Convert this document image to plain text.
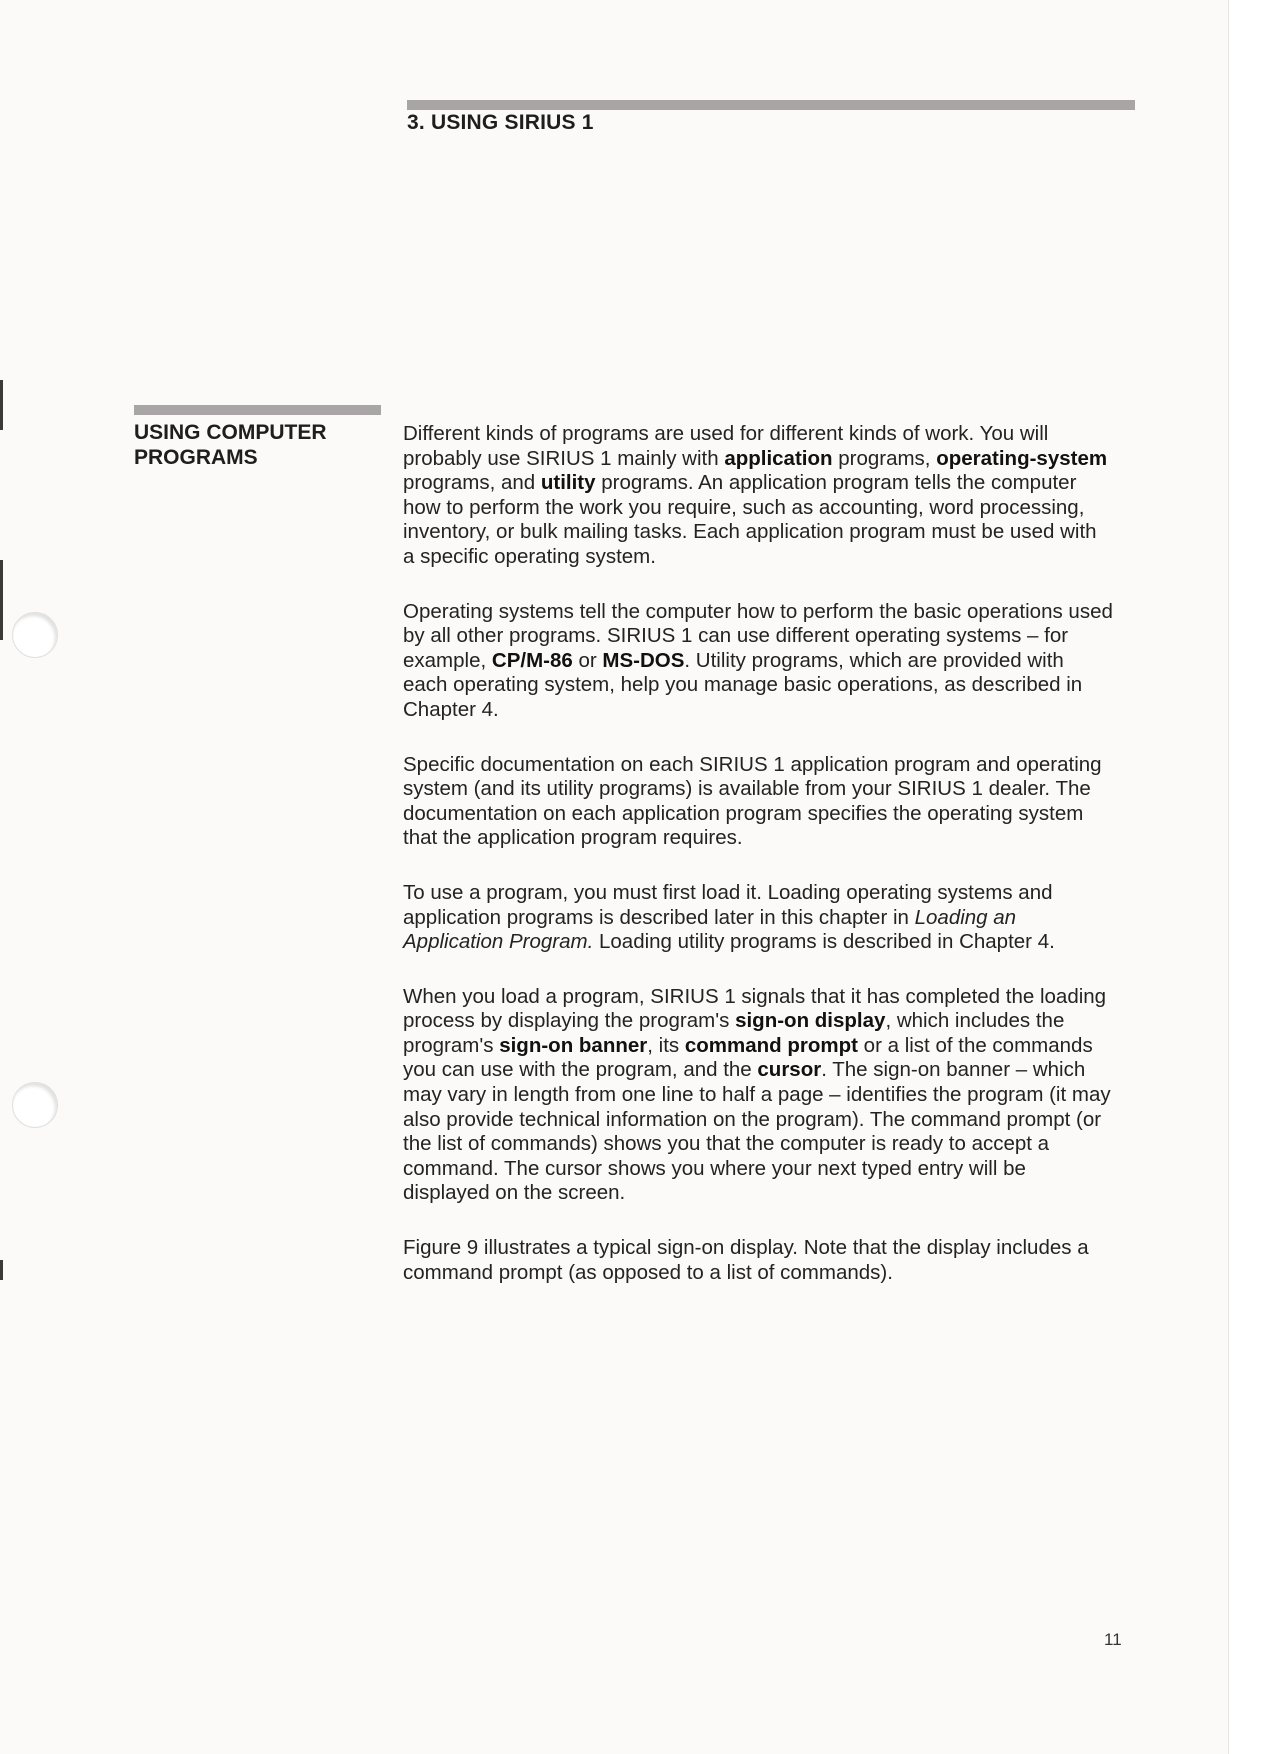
3. USING SIRIUS 1
USING COMPUTER
PROGRAMS

Different kinds of programs are used for different kinds of work. You will probably use SIRIUS 1 mainly with application programs, operating-system programs, and utility programs. An application program tells the computer how to perform the work you require, such as accounting, word processing, inventory, or bulk mailing tasks. Each application program must be used with a specific operating system.

Operating systems tell the computer how to perform the basic operations used by all other programs. SIRIUS 1 can use different operating systems – for example, CP/M-86 or MS-DOS. Utility programs, which are provided with each operating system, help you manage basic operations, as described in Chapter 4.

Specific documentation on each SIRIUS 1 application program and operating system (and its utility programs) is available from your SIRIUS 1 dealer. The documentation on each application program specifies the operating system that the application program requires.

To use a program, you must first load it. Loading operating systems and application programs is described later in this chapter in Loading an Application Program. Loading utility programs is described in Chapter 4.

When you load a program, SIRIUS 1 signals that it has completed the loading process by displaying the program's sign-on display, which includes the program's sign-on banner, its command prompt or a list of the commands you can use with the program, and the cursor. The sign-on banner – which may vary in length from one line to half a page – identifies the program (it may also provide technical information on the program). The command prompt (or the list of commands) shows you that the computer is ready to accept a command. The cursor shows you where your next typed entry will be displayed on the screen.

Figure 9 illustrates a typical sign-on display. Note that the display includes a command prompt (as opposed to a list of commands).

11
